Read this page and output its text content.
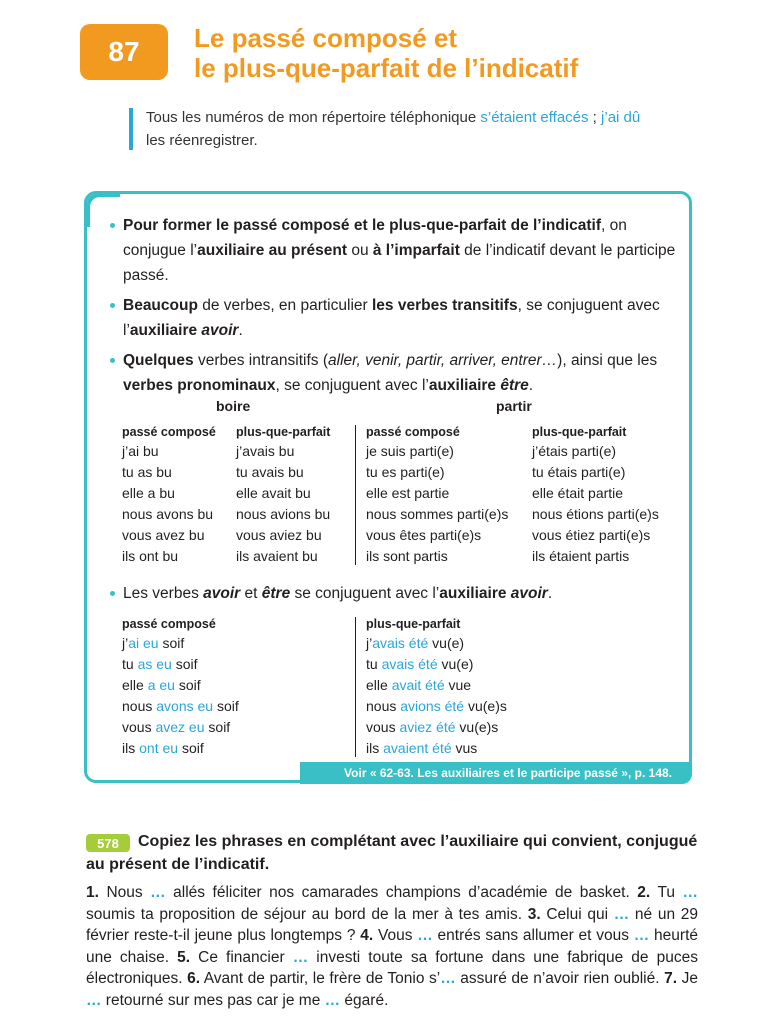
87 Le passé composé et
le plus-que-parfait de l’indicatif
Tous les numéros de mon répertoire téléphonique s’étaient effacés ; j’ai dû les réenregistrer.
Pour former le passé composé et le plus-que-parfait de l’indicatif, on conjugue l’auxiliaire au présent ou à l’imparfait de l’indicatif devant le participe passé.
Beaucoup de verbes, en particulier les verbes transitifs, se conjuguent avec l’auxiliaire avoir.
Quelques verbes intransitifs (aller, venir, partir, arriver, entrer…), ainsi que les verbes pronominaux, se conjuguent avec l’auxiliaire être.
boire	partir
passé composé
j’ai bu
tu as bu
elle a bu
nous avons bu
vous avez bu
ils ont bu
plus-que-parfait
j’avais bu
tu avais bu
elle avait bu
nous avions bu
vous aviez bu
ils avaient bu
passé composé
je suis parti(e)
tu es parti(e)
elle est partie
nous sommes parti(e)s
vous êtes parti(e)s
ils sont partis
plus-que-parfait
j’étais parti(e)
tu étais parti(e)
elle était partie
nous étions parti(e)s
vous étiez parti(e)s
ils étaient partis
Les verbes avoir et être se conjuguent avec l’auxiliaire avoir.
passé composé
j’ai eu soif
tu as eu soif
elle a eu soif
nous avons eu soif
vous avez eu soif
ils ont eu soif
plus-que-parfait
j’avais été vu(e)
tu avais été vu(e)
elle avait été vue
nous avions été vu(e)s
vous aviez été vu(e)s
ils avaient été vus
Voir « 62-63. Les auxiliaires et le participe passé », p. 148.
Copiez les phrases en complétant avec l’auxiliaire qui convient, conjugué au présent de l’indicatif.
578
1. Nous … allés féliciter nos camarades champions d’académie de basket. 2. Tu … soumis ta proposition de séjour au bord de la mer à tes amis. 3. Celui qui … né un 29 février reste-t-il jeune plus longtemps ? 4. Vous … entrés sans allumer et vous … heurté une chaise. 5. Ce financier … investi toute sa fortune dans une fabrique de puces électroniques. 6. Avant de partir, le frère de Tonio s’… assuré de n’avoir rien oublié. 7. Je … retourné sur mes pas car je me … égaré.
